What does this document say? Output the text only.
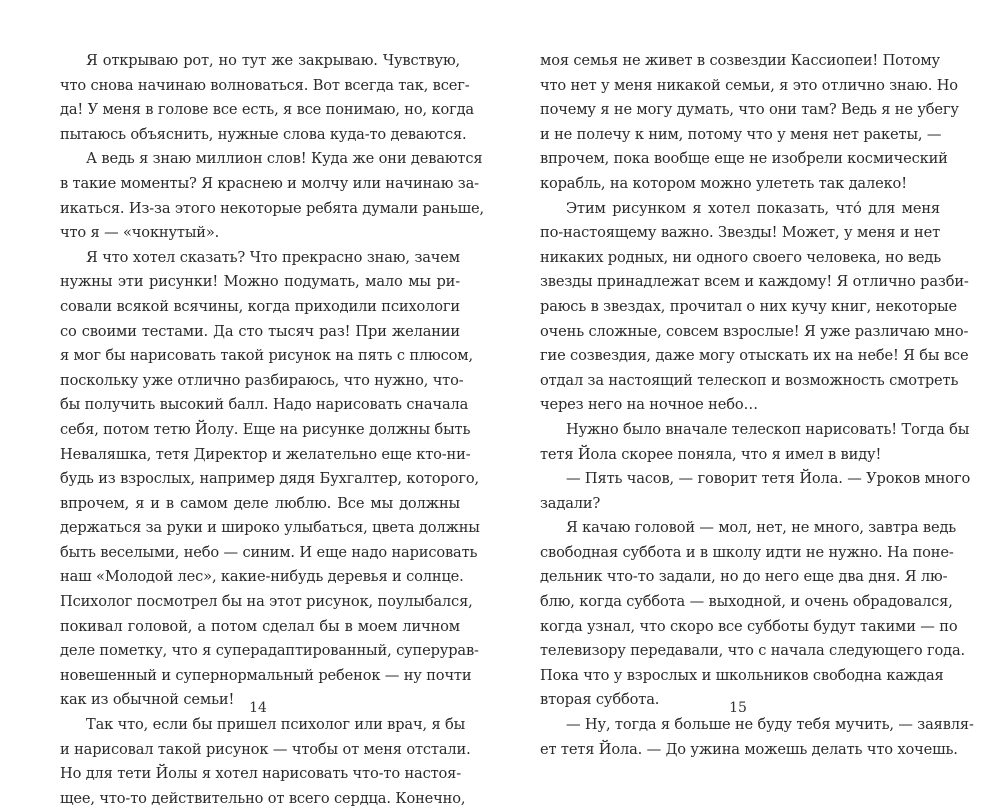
Я открываю рот, но тут же закрываю. Чувствую,
что снова начинаю волноваться. Вот всегда так, всег-
да! У меня в голове все есть, я все понимаю, но, когда
пытаюсь объяснить, нужные слова куда-то деваются.
А ведь я знаю миллион слов! Куда же они деваются
в такие моменты? Я краснею и молчу или начинаю за-
икаться. Из-за этого некоторые ребята думали раньше,
что я — «чокнутый».
Я что хотел сказать? Что прекрасно знаю, зачем
нужны эти рисунки! Можно подумать, мало мы ри-
совали всякой всячины, когда приходили психологи
со своими тестами. Да сто тысяч раз! При желании
я мог бы нарисовать такой рисунок на пять с плюсом,
поскольку уже отлично разбираюсь, что нужно, что-
бы получить высокий балл. Надо нарисовать сначала
себя, потом тетю Йолу. Еще на рисунке должны быть
Неваляшка, тетя Директор и желательно еще кто-ни-
будь из взрослых, например дядя Бухгалтер, которого,
впрочем, я и в самом деле люблю. Все мы должны
держаться за руки и широко улыбаться, цвета должны
быть веселыми, небо — синим. И еще надо нарисовать
наш «Молодой лес», какие-нибудь деревья и солнце.
Психолог посмотрел бы на этот рисунок, поулыбался,
покивал головой, а потом сделал бы в моем личном
деле пометку, что я суперадаптированный, суперурав-
новешенный и супернормальный ребенок — ну почти
как из обычной семьи!
Так что, если бы пришел психолог или врач, я бы
и нарисовал такой рисунок — чтобы от меня отстали.
Но для тети Йолы я хотел нарисовать что-то настоя-
щее, что-то действительно от всего сердца. Конечно,
моя семья не живет в созвездии Кассиопеи! Потому
что нет у меня никакой семьи, я это отлично знаю. Но
почему я не могу думать, что они там? Ведь я не убегу
и не полечу к ним, потому что у меня нет ракеты, —
впрочем, пока вообще еще не изобрели космический
корабль, на котором можно улететь так далеко!
Этим рисунком я хотел показать, что́ для меня
по-настоящему важно. Звезды! Может, у меня и нет
никаких родных, ни одного своего человека, но ведь
звезды принадлежат всем и каждому! Я отлично разби-
раюсь в звездах, прочитал о них кучу книг, некоторые
очень сложные, совсем взрослые! Я уже различаю мно-
гие созвездия, даже могу отыскать их на небе! Я бы все
отдал за настоящий телескоп и возможность смотреть
через него на ночное небо…
Нужно было вначале телескоп нарисовать! Тогда бы
тетя Йола скорее поняла, что я имел в виду!
— Пять часов, — говорит тетя Йола. — Уроков много
задали?
Я качаю головой — мол, нет, не много, завтра ведь
свободная суббота и в школу идти не нужно. На поне-
дельник что-то задали, но до него еще два дня. Я лю-
блю, когда суббота — выходной, и очень обрадовался,
когда узнал, что скоро все субботы будут такими — по
телевизору передавали, что с начала следующего года.
Пока что у взрослых и школьников свободна каждая
вторая суббота.
— Ну, тогда я больше не буду тебя мучить, — заявля-
ет тетя Йола. — До ужина можешь делать что хочешь.
14	15
